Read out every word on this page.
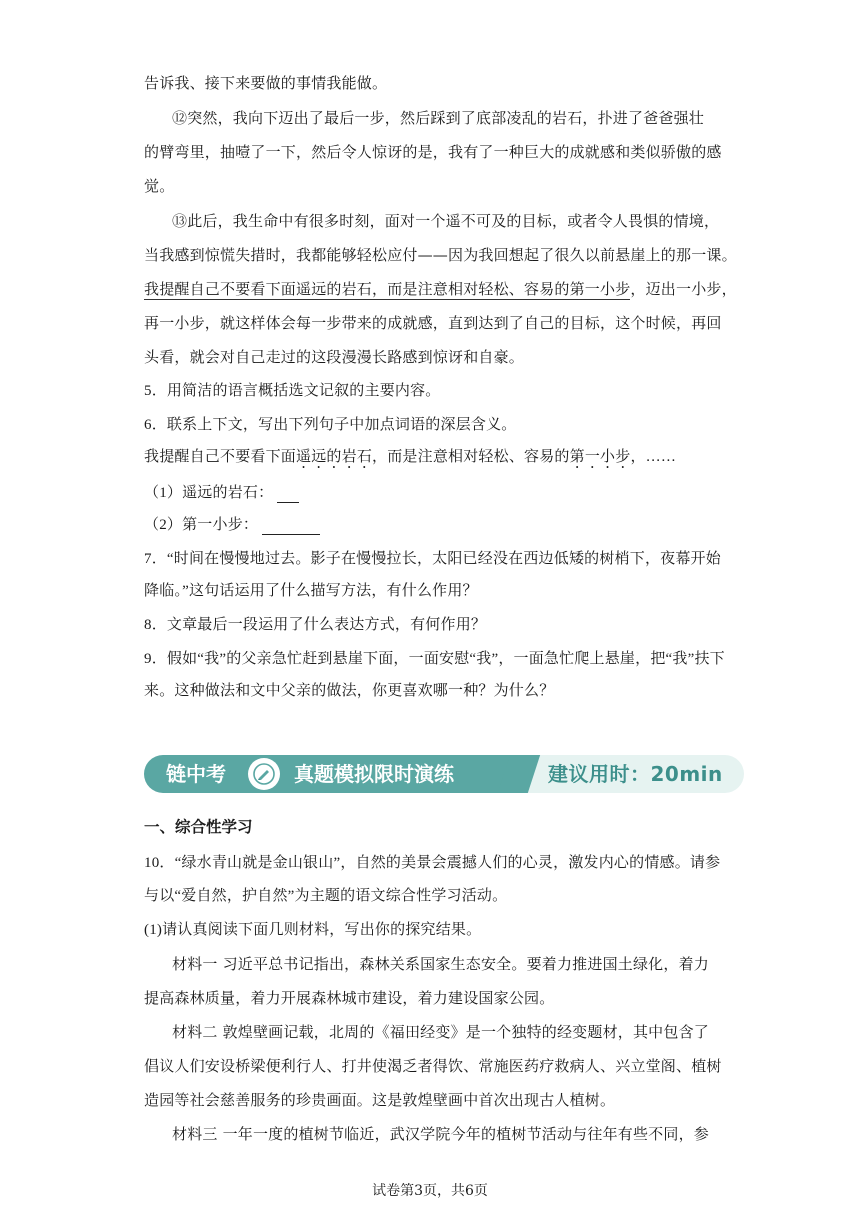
告诉我、接下来要做的事情我能做。
⑫突然，我向下迈出了最后一步，然后踩到了底部凌乱的岩石，扑进了爸爸强壮
的臂弯里，抽噎了一下，然后令人惊讶的是，我有了一种巨大的成就感和类似骄傲的感
觉。
⑬此后，我生命中有很多时刻，面对一个遥不可及的目标，或者令人畏惧的情境，
当我感到惊慌失措时，我都能够轻松应付——因为我回想起了很久以前悬崖上的那一课。
我提醒自己不要看下面遥远的岩石，而是注意相对轻松、容易的第一小步，迈出一小步，
再一小步，就这样体会每一步带来的成就感，直到达到了自己的目标，这个时候，再回
头看，就会对自己走过的这段漫漫长路感到惊讶和自豪。
5．用简洁的语言概括选文记叙的主要内容。
6．联系上下文，写出下列句子中加点词语的深层含义。
我提醒自己不要看下面遥远的岩石，而是注意相对轻松、容易的第一小步，……
（1）遥远的岩石：
（2）第一小步：
7．“时间在慢慢地过去。影子在慢慢拉长，太阳已经没在西边低矮的树梢下，夜幕开始
降临。”这句话运用了什么描写方法，有什么作用？
8．文章最后一段运用了什么表达方式，有何作用？
9．假如“我”的父亲急忙赶到悬崖下面，一面安慰“我”，一面急忙爬上悬崖，把“我”扶下
来。这种做法和文中父亲的做法，你更喜欢哪一种？为什么？
链中考	真题模拟限时演练	建议用时：20min
一、综合性学习
10．“绿水青山就是金山银山”，自然的美景会震撼人们的心灵，激发内心的情感。请参
与以“爱自然，护自然”为主题的语文综合性学习活动。
(1)请认真阅读下面几则材料，写出你的探究结果。
材料一 习近平总书记指出，森林关系国家生态安全。要着力推进国土绿化，着力
提高森林质量，着力开展森林城市建设，着力建设国家公园。
材料二 敦煌壁画记载，北周的《福田经变》是一个独特的经变题材，其中包含了
倡议人们安设桥梁便利行人、打井使渴乏者得饮、常施医药疗救病人、兴立堂阁、植树
造园等社会慈善服务的珍贵画面。这是敦煌壁画中首次出现古人植树。
材料三 一年一度的植树节临近，武汉学院今年的植树节活动与往年有些不同，参
试卷第3页，共6页
